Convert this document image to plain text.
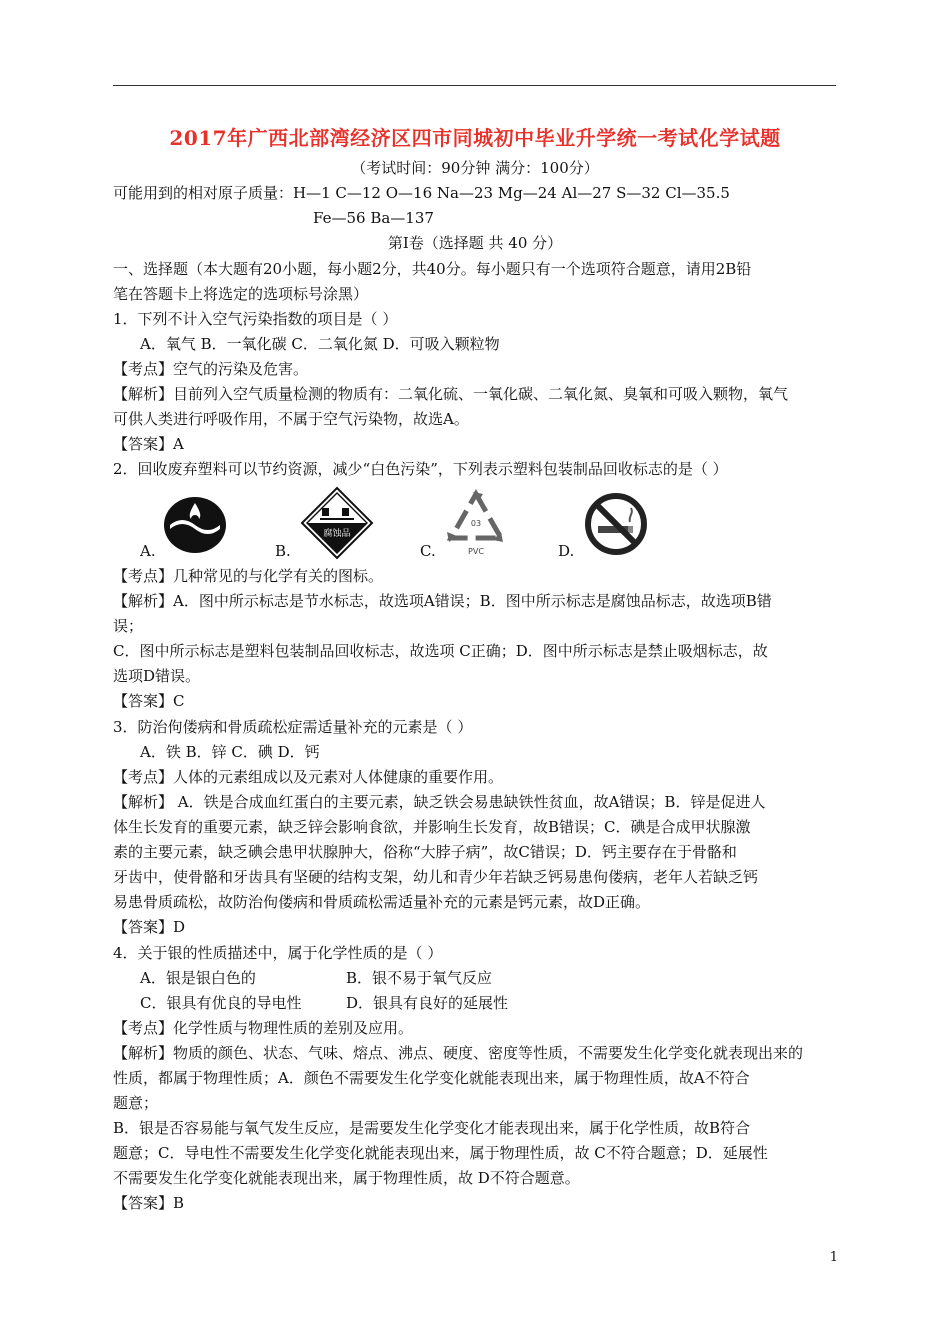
2017年广西北部湾经济区四市同城初中毕业升学统一考试化学试题
（考试时间：90分钟 满分：100分）
可能用到的相对原子质量：H—1 C—12 O—16 Na—23 Mg—24 Al—27 S—32 Cl—35.5
Fe—56 Ba—137
第Ⅰ卷（选择题 共 40 分）
一、选择题（本大题有20小题，每小题2分，共40分。每小题只有一个选项符合题意，请用2B铅
笔在答题卡上将选定的选项标号涂黑）
1．下列不计入空气污染指数的项目是（ ）
A．氧气 B．一氧化碳 C．二氧化氮 D．可吸入颗粒物
【考点】空气的污染及危害。
【解析】目前列入空气质量检测的物质有：二氧化硫、一氧化碳、二氧化氮、臭氧和可吸入颗物，氧气
可供人类进行呼吸作用，不属于空气污染物，故选A。
【答案】A
2．回收废弃塑料可以节约资源，减少“白色污染”，下列表示塑料包装制品回收标志的是（ ）
腐蚀品
03
PVC
A.	B.	C.	D.
【考点】几种常见的与化学有关的图标。
【解析】A．图中所示标志是节水标志，故选项A错误；B．图中所示标志是腐蚀品标志，故选项B错
误；
C．图中所示标志是塑料包装制品回收标志，故选项 C正确；D．图中所示标志是禁止吸烟标志，故
选项D错误。
【答案】C
3．防治佝偻病和骨质疏松症需适量补充的元素是（ ）
A．铁 B．锌 C．碘 D．钙
【考点】人体的元素组成以及元素对人体健康的重要作用。
【解析】 A．铁是合成血红蛋白的主要元素，缺乏铁会易患缺铁性贫血，故A错误；B．锌是促进人
体生长发育的重要元素，缺乏锌会影响食欲，并影响生长发育，故B错误；C．碘是合成甲状腺激
素的主要元素，缺乏碘会患甲状腺肿大，俗称“大脖子病”，故C错误；D．钙主要存在于骨骼和
牙齿中，使骨骼和牙齿具有坚硬的结构支架，幼儿和青少年若缺乏钙易患佝偻病，老年人若缺乏钙
易患骨质疏松，故防治佝偻病和骨质疏松需适量补充的元素是钙元素，故D正确。
【答案】D
4．关于银的性质描述中，属于化学性质的是（ ）
A．银是银白色的	B．银不易于氧气反应
C．银具有优良的导电性	D．银具有良好的延展性
【考点】化学性质与物理性质的差别及应用。
【解析】物质的颜色、状态、气味、熔点、沸点、硬度、密度等性质，不需要发生化学变化就表现出来的
性质，都属于物理性质；A．颜色不需要发生化学变化就能表现出来，属于物理性质，故A不符合
题意；
B．银是否容易能与氧气发生反应，是需要发生化学变化才能表现出来，属于化学性质，故B符合
题意；C．导电性不需要发生化学变化就能表现出来，属于物理性质，故 C不符合题意；D．延展性
不需要发生化学变化就能表现出来，属于物理性质，故 D不符合题意。
【答案】B
1
